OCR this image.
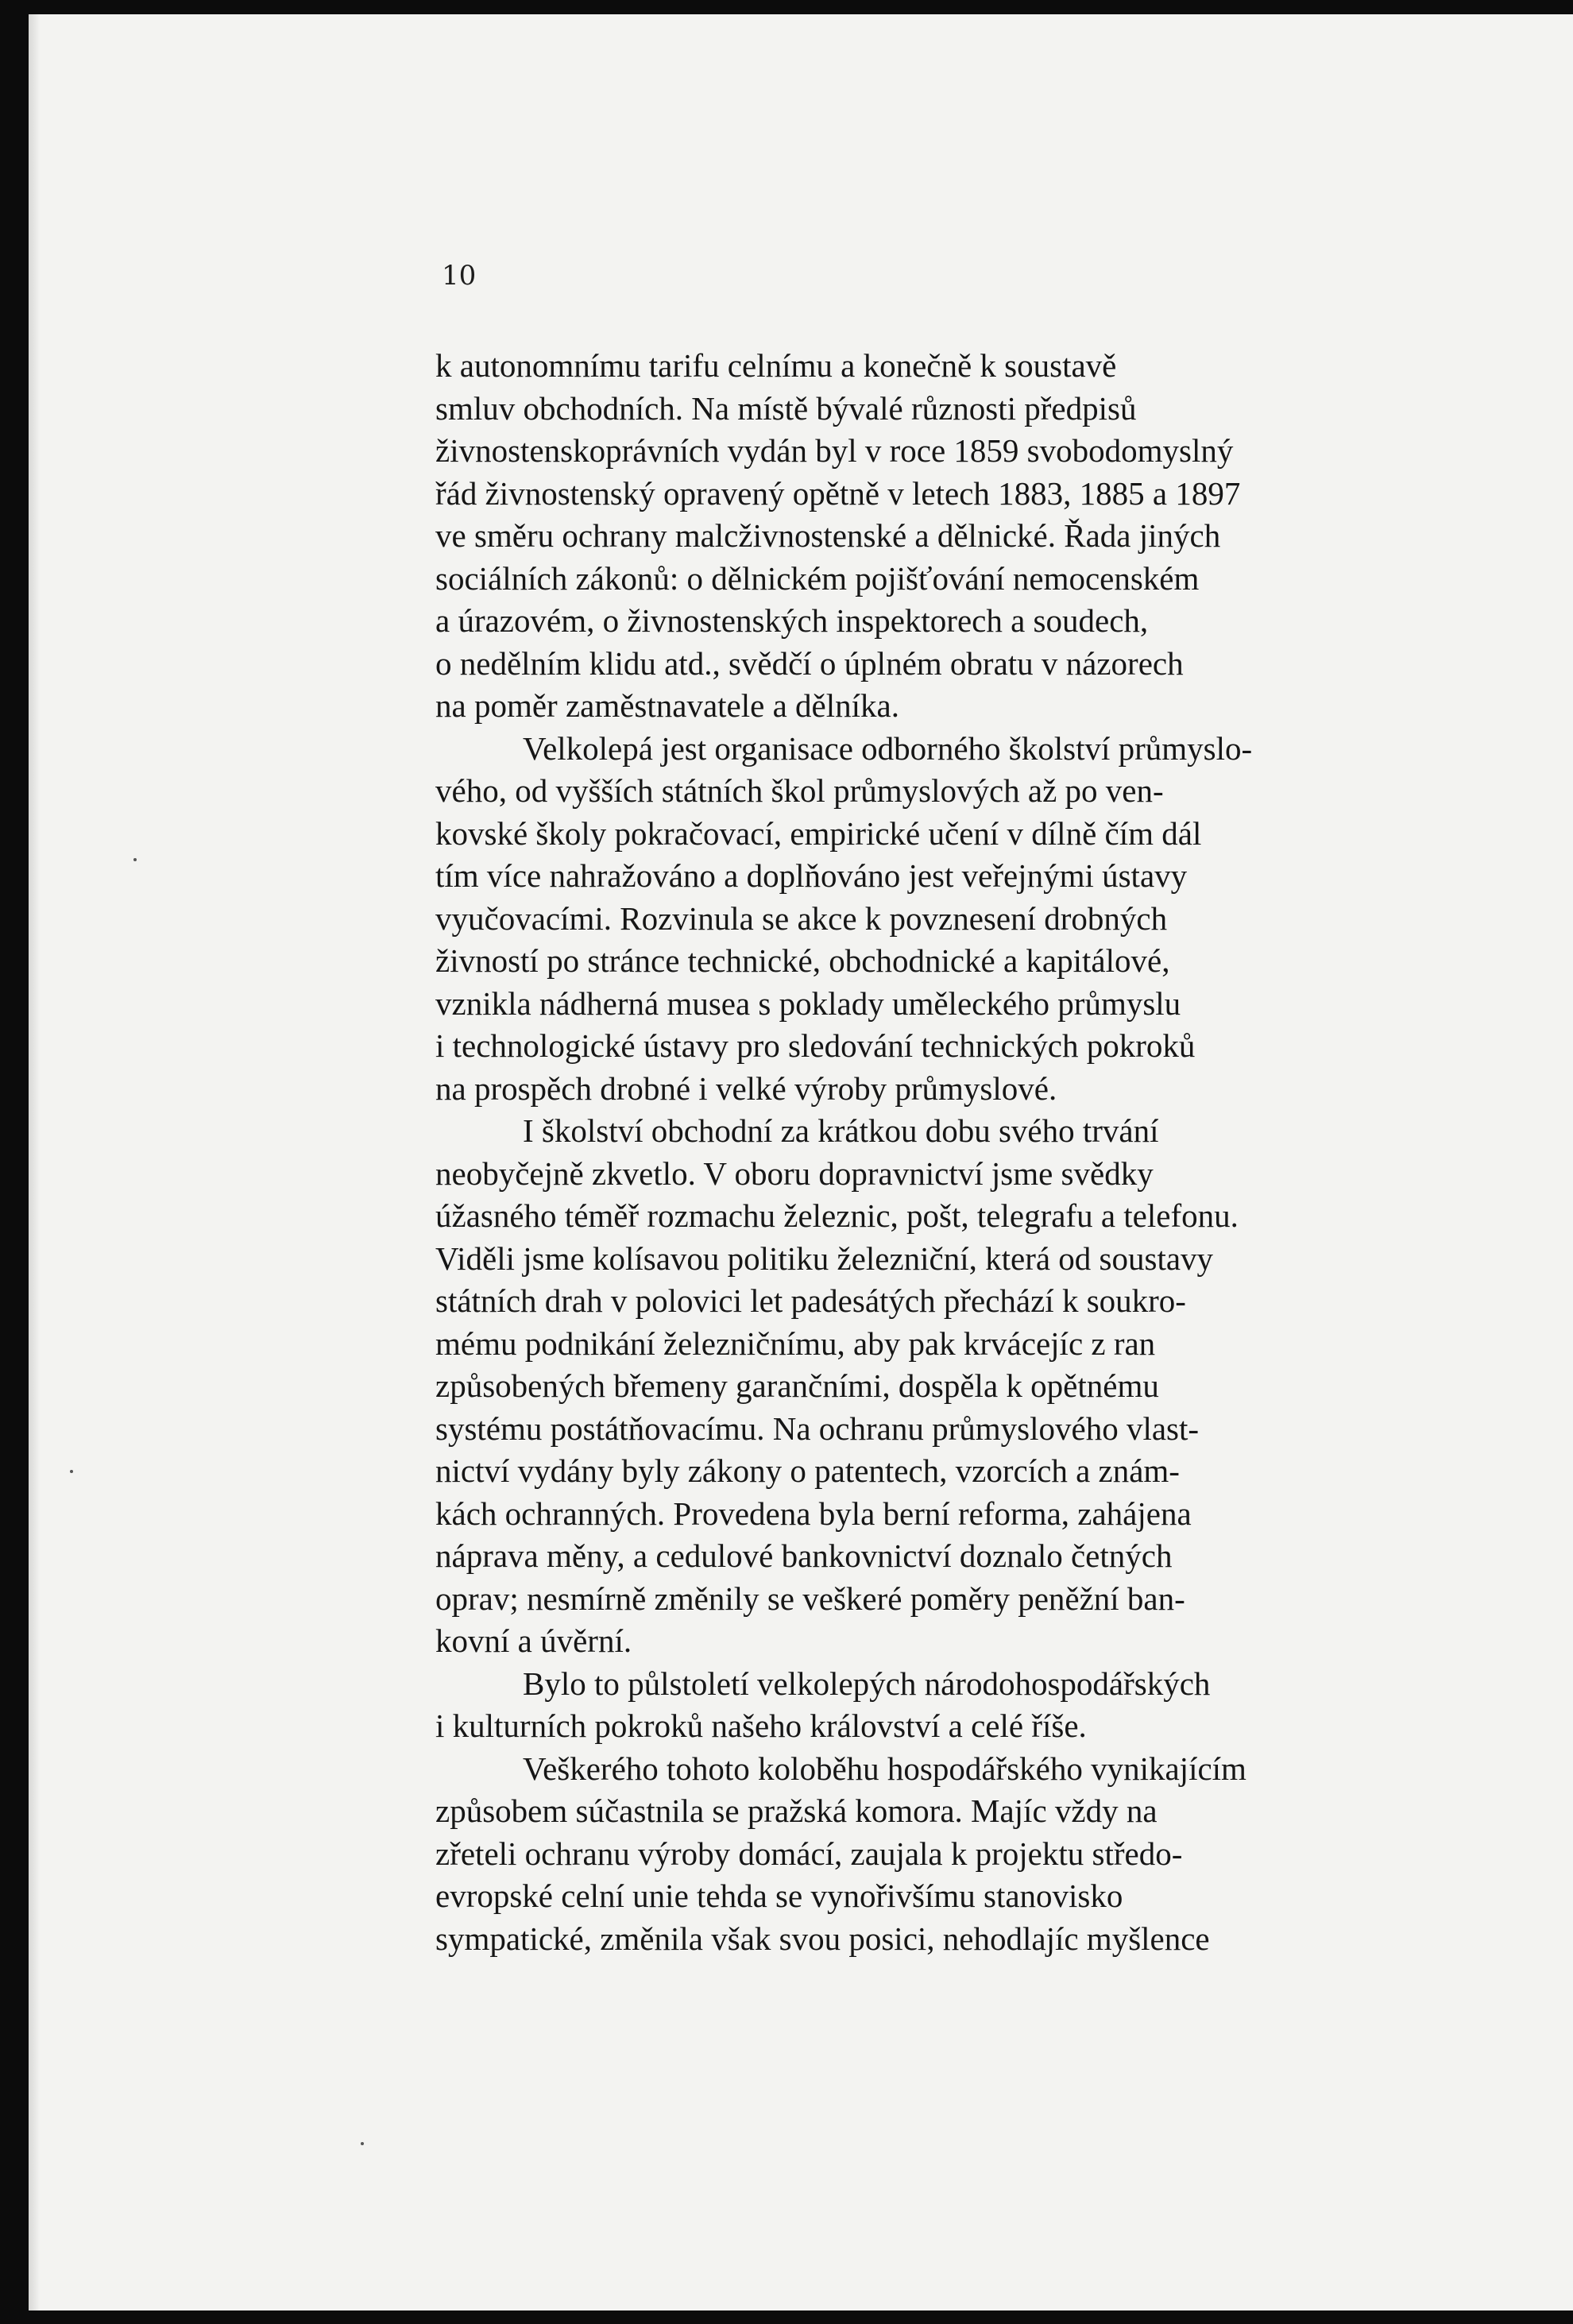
10
k autonomnímu tarifu celnímu a konečně k soustavě
smluv obchodních. Na místě bývalé různosti předpisů
živnostenskoprávních vydán byl v roce 1859 svobodomyslný
řád živnostenský opravený opětně v letech 1883, 1885 a 1897
ve směru ochrany malcživnostenské a dělnické. Řada jiných
sociálních zákonů: o dělnickém pojišťování nemocenském
a úrazovém, o živnostenských inspektorech a soudech,
o nedělním klidu atd., svědčí o úplném obratu v názorech
na poměr zaměstnavatele a dělníka.
Velkolepá jest organisace odborného školství průmyslo-
vého, od vyšších státních škol průmyslových až po ven-
kovské školy pokračovací, empirické učení v dílně čím dál
tím více nahražováno a doplňováno jest veřejnými ústavy
vyučovacími. Rozvinula se akce k povznesení drobných
živností po stránce technické, obchodnické a kapitálové,
vznikla nádherná musea s poklady uměleckého průmyslu
i technologické ústavy pro sledování technických pokroků
na prospěch drobné i velké výroby průmyslové.
I školství obchodní za krátkou dobu svého trvání
neobyčejně zkvetlo. V oboru dopravnictví jsme svědky
úžasného téměř rozmachu železnic, pošt, telegrafu a telefonu.
Viděli jsme kolísavou politiku železniční, která od soustavy
státních drah v polovici let padesátých přechází k soukro-
mému podnikání železničnímu, aby pak krvácejíc z ran
způsobených břemeny garančními, dospěla k opětnému
systému postátňovacímu. Na ochranu průmyslového vlast-
nictví vydány byly zákony o patentech, vzorcích a znám-
kách ochranných. Provedena byla berní reforma, zahájena
náprava měny, a cedulové bankovnictví doznalo četných
oprav; nesmírně změnily se veškeré poměry peněžní ban-
kovní a úvěrní.
Bylo to půlstoletí velkolepých národohospodářských
i kulturních pokroků našeho království a celé říše.
Veškerého tohoto koloběhu hospodářského vynikajícím
způsobem súčastnila se pražská komora. Majíc vždy na
zřeteli ochranu výroby domácí, zaujala k projektu středo-
evropské celní unie tehda se vynořivšímu stanovisko
sympatické, změnila však svou posici, nehodlajíc myšlence
